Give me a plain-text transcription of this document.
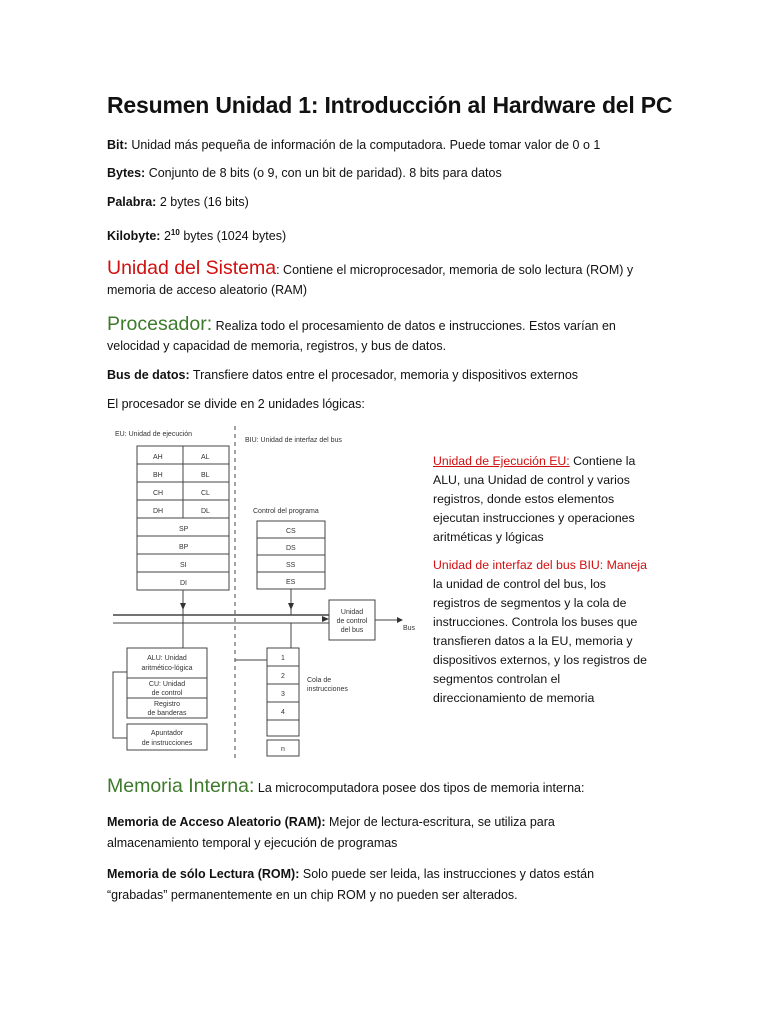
Resumen Unidad 1: Introducción al Hardware del PC
Bit: Unidad más pequeña de información de la computadora. Puede tomar valor de 0 o 1
Bytes: Conjunto de 8 bits (o 9, con un bit de paridad). 8 bits para datos
Palabra: 2 bytes (16 bits)
Kilobyte: $2^{10}$ bytes (1024 bytes)
Unidad del Sistema: Contiene el microprocesador, memoria de solo lectura (ROM) y
memoria de acceso aleatorio (RAM)
Procesador: Realiza todo el procesamiento de datos e instrucciones. Estos varían en
velocidad y capacidad de memoria, registros, y bus de datos.
Bus de datos: Transfiere datos entre el procesador, memoria y dispositivos externos
El procesador se divide en 2 unidades lógicas:
EU: Unidad de ejecución
BIU: Unidad de interfaz del bus
AH
BH
CH
DH
AL
BL
CL
DL
SP
BP
SI
DI
Control del programa
CS
DS
SS
ES
Unidad
de control
del bus	Bus
ALU: Unidad
aritmético-lógica
CU: Unidad
de control
Registro
de banderas
Apuntador
de instrucciones
1
2
3
4
n
Cola de
instrucciones
Unidad de Ejecución EU: Contiene la
ALU, una Unidad de control y varios
registros, donde estos elementos
ejecutan instrucciones y operaciones
aritméticas y lógicas
Unidad de interfaz del bus BIU: Maneja
la unidad de control del bus, los
registros de segmentos y la cola de
instrucciones. Controla los buses que
transfieren datos a la EU, memoria y
dispositivos externos, y los registros de
segmentos controlan el
direccionamiento de memoria
Memoria Interna: La microcomputadora posee dos tipos de memoria interna:
Memoria de Acceso Aleatorio (RAM): Mejor de lectura-escritura, se utiliza para
almacenamiento temporal y ejecución de programas
Memoria de sólo Lectura (ROM): Solo puede ser leida, las instrucciones y datos están
“grabadas” permanentemente en un chip ROM y no pueden ser alterados.
